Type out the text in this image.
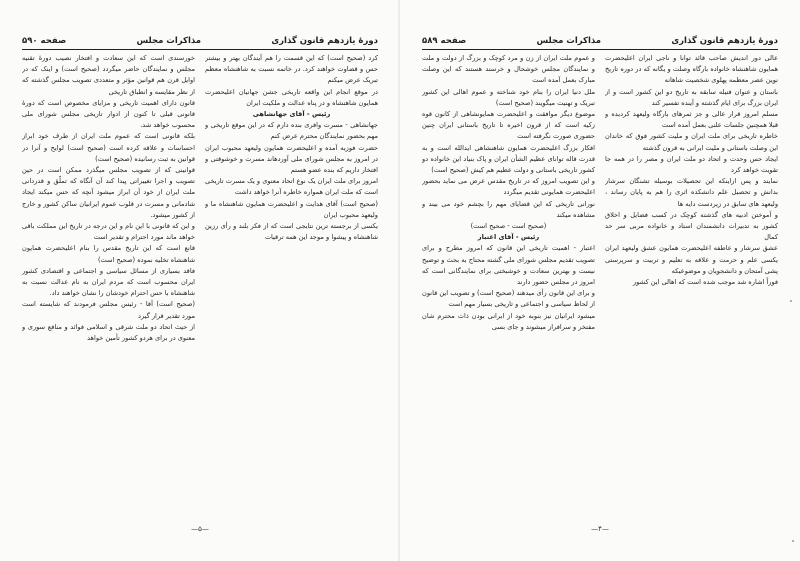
دورهٔ یازدهم قانون گذاری
مذاکرات مجلس
صفحه ۵۹۰

کرد (صحیح است) که این قسمت را هم آیندگان بهتر و بیشتر حس و قضاوت خواهند کرد. در خاتمه نسبت به شاهنشاه معظم تبریک عرض میکنم

در موقع انجام این واقعه تاریخی جشن جهانیان اعلیحضرت همایون شاهنشاه و در پناه عدالت و ملکیت ایران

رئیس - آقای جهانشاهی

جهانشاهی - مسرت وافری بنده دارم که در این موقع تاریخی و مهم بحضور نمایندگان محترم عرض کنم

حضرت فوزیه آمده و اعلیحضرت همایون ولیعهد محبوب ایران در امروز به مجلس شورای ملی آوردهاند مسرت و خوشوقتی و افتخار داریم که بنده عضو هستم

امروز برای ملت ایران یک نوع اتحاد معنوی و یک مسرت تاریخی است که ملت ایران همواره خاطره آنرا خواهد داشت

(صحیح است) آقای هدایت و اعلیحضرت همایون شاهنشاه ما و ولیعهد محبوب ایران

یکسی از برجسته ترین نتایجی است که از فکر بلند و رأی رزین شاهنشاه و پیشوا و موجد این همه ترقیات

خورسندی است که این سعادت و افتخار نصیب دورهٔ تقنیه مجلس و نمایندگان حاضر میگردد (صحیح است) و اینک که در اوایل قرن هم قوانین مؤثر و متعددی تصویب مجلس گذشته که از نظر مقایسه و انطباق تاریخی

قانون دارای اهمیت تاریخی و مزایای مخصوص است که دورهٔ قانونی قبلی تا کنون از ادوار تاریخی مجلس شورای ملی محسوب خواهد شد.

بلکه قانونی است که عموم ملت ایران از طرف خود ابراز احساسات و علاقه کرده است (صحیح است) لوایح و آنرا در قوانین به ثبت رسانیده (صحیح است)

قوانینی که از تصویب مجلس میگذرد ممکن است در حین تصویب و اجرا تغییراتی پیدا کند آن آنگاه که تملّق و قدردانی ملت ایران از خود آن ابراز میشود آنچه که حس میکند ایجاد شادمانی و مسرت در قلوب عموم ایرانیان ساکن کشور و خارج از کشور میشود.

و این که قانونی با این نام و این درجه در تاریخ این مملکت باقی خواهد ماند مورد احترام و تقدیر است

قانع است که این تاریخ مقدس را بنام اعلیحضرت همایون شاهنشاه تخلیه نموده (صحیح است)

فاقد بسیاری از مسائل سیاسی و اجتماعی و اقتصادی کشور ایران محسوب است که مردم ایران به نام عدالت نسبت به شاهنشاه با حس احترام خودشان را نشان خواهند داد.

(صحیح است) آقا - رئیس مجلس فرمودند که شایسته است مورد تقدیر قرار گیرد

از حیث اتحاد دو ملت شرقی و اسلامی فوائد و منافع سوری و معنوی در برای هردو کشور تأمین خواهد

—۵—
دورهٔ یازدهم قانون گذاری
مذاکرات مجلس
صفحه ۵۸۹

عالی دور اندیش صاحب قائد توانا و ناجی ایران اعلیحضرت همایون شاهنشاه خانواده بارگاه وصلت و یگانه که در دوره تاریخ نوین عصر معظمه پهلوی شخصیت شاهانه

باستان و عنوان فتیله سابقه به تاریخ دو این کشور است و از ایران بزرگ برای ایام گذشته و آینده تفسیر کند

مسلم امروز قرار عالی و جز ثمرهای بارگاه ولیعهد کردیده و قبلا همچنین جلسات علنی بعمل آمده است

خاطره تاریخی برای ملت ایران و ملیت کشور فوق که خاندان این وصلت باستانی و ملیت ایرانی به قرون گذشته

ایجاد حس وحدت و اتحاد دو ملت ایران و مصر را در همه جا تقویت خواهد کرد

نمایند و پس ازاینکه این تحصیلات بوسیله تشنگان سرشار بدانش و تحصیل علم دانشکده اثری را هم به پایان رساند ، ولیعهد های سابق در زیردست دایه ها

و آموختن ادبیه های گذشته کوچک در کسب فضایل و اخلاق کشور به تدبیرات دانشمندان استاد و خانواده مربی سر حد کمال

عشق سرشار و عاطفه اعلیحضرت همایون عشق ولیعهد ایران یکسی علم و حرمت و علاقه به تعلیم و تربیت و سرپرستی پشی آمتحان و دانشجویان و موضوعیکه

فوراً اشاره شد موجب شده است که اهالی این کشور

و عموم ملت ایران از زن و مرد کوچک و بزرگ از دولت و ملت و نمایندگان مجلس خوشحال و خرسند هستند که این وصلت مبارک بعمل آمده است

ملل دنیا ایران را بنام خود شناخته و عموم اهالی این کشور تبریک و تهنیت میگویند (صحیح است)

موضوع دیگر موافقت و اعلیحضرت همایونشاهی از کانون قوه زکیه است که از قرون اخیره تا تاریخ باستانی ایران چنین حضوری صورت نگرفته است

افکار بزرگ اعلیحضرت همایون شاهنشاهی ایدالله است و به قدرت قاله توانای عظیم الشأن ایران و پاک بنیاد این خانواده دو کشور تاریخی باستانی و دولت عظیم هم کیش (صحیح است)

و این تصویب امروز که در تاریخ مقدس عرض می نماید بحضور اعلیحضرت همایونی تقدیم میگردد

نورانی تاریخی که این قضایای مهم را بچشم خود می بیند و مشاهده میکند

(صحیح است - صحیح است)

رئیس - آقای اعتبار

اعتبار - اهمیت تاریخی این قانون که امروز مطرح و برای تصویب تقدیم مجلس شورای ملی گشته محتاج به بحث و توضیح نیست و بهترین سعادت و خوشبختی برای نمایندگانی است که امروز در مجلس حضور دارند

و برای این قانون رأی میدهند (صحیح است) و تصویب این قانون از لحاظ سیاسی و اجتماعی و تاریخی بسیار مهم است

میشود ایرانیان نیز بنوبه خود از ایرانی بودن ذات محترم شان مفتخر و سرافراز میشوند و جای بسی

—۴—
